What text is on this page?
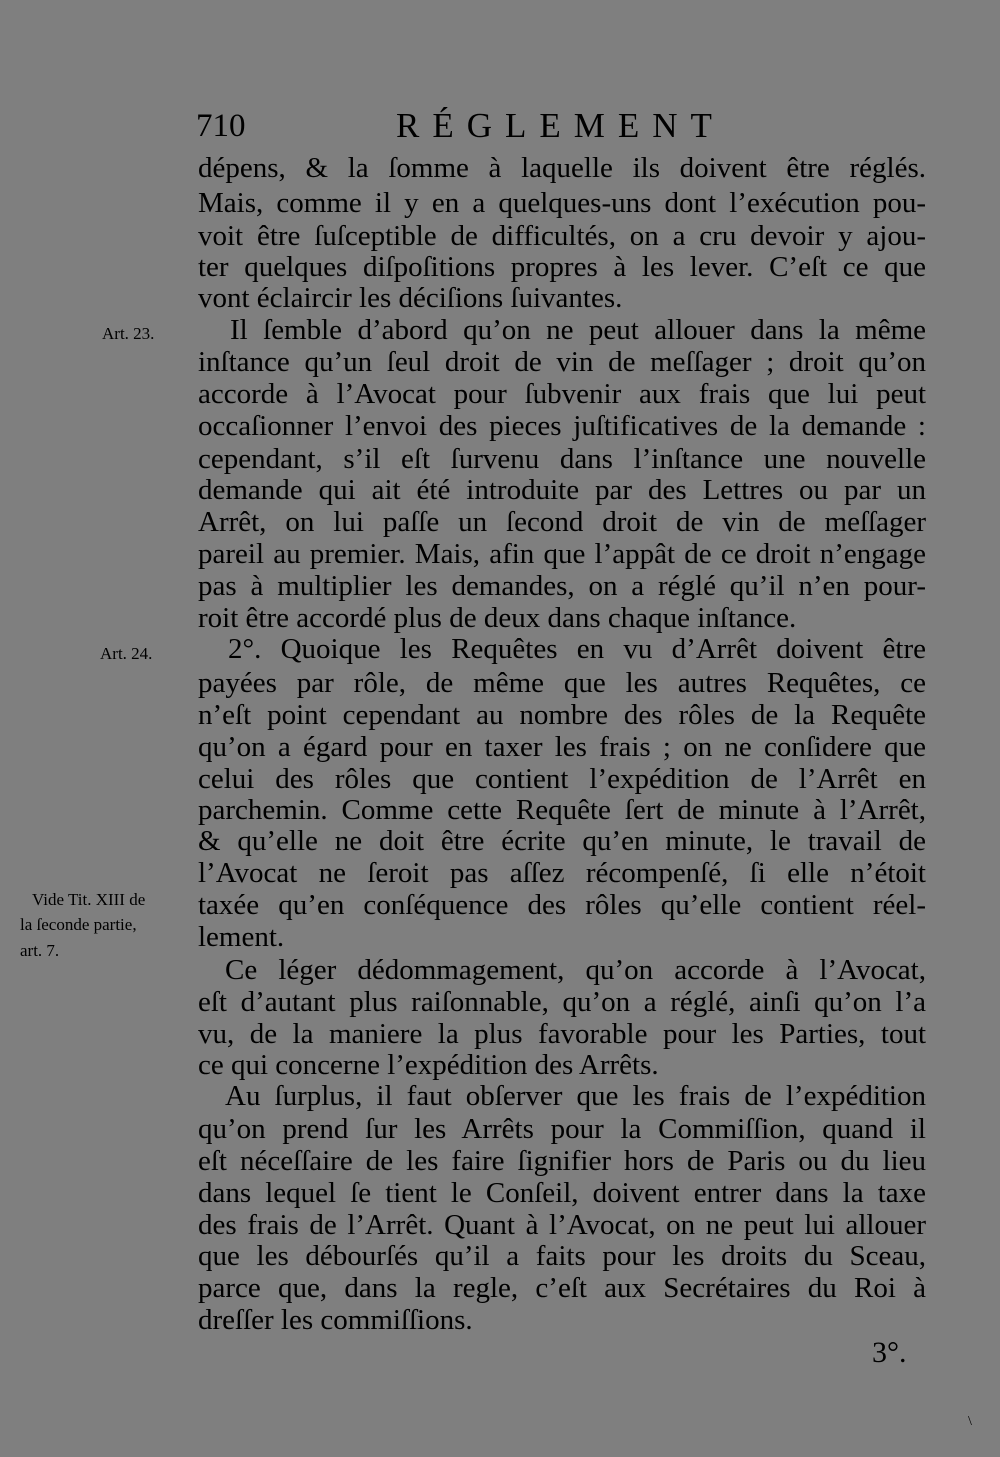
710	RÉGLEMENT
dépens, & la ſomme à laquelle ils doivent être réglés.
Mais, comme il y en a quelques-uns dont l’exécution pou-
voit être ſuſceptible de difficultés, on a cru devoir y ajou-
ter quelques diſpoſitions propres à les lever. C’eſt ce que
vont éclaircir les déciſions ſuivantes.
Il ſemble d’abord qu’on ne peut allouer dans la même
inſtance qu’un ſeul droit de vin de meſſager ; droit qu’on
accorde à l’Avocat pour ſubvenir aux frais que lui peut
occaſionner l’envoi des pieces juſtificatives de la demande :
cependant, s’il eſt ſurvenu dans l’inſtance une nouvelle
demande qui ait été introduite par des Lettres ou par un
Arrêt, on lui paſſe un ſecond droit de vin de meſſager
pareil au premier. Mais, afin que l’appât de ce droit n’engage
pas à multiplier les demandes, on a réglé qu’il n’en pour-
roit être accordé plus de deux dans chaque inſtance.
2°. Quoique les Requêtes en vu d’Arrêt doivent être
payées par rôle, de même que les autres Requêtes, ce
n’eſt point cependant au nombre des rôles de la Requête
qu’on a égard pour en taxer les frais ; on ne conſidere que
celui des rôles que contient l’expédition de l’Arrêt en
parchemin. Comme cette Requête ſert de minute à l’Arrêt,
& qu’elle ne doit être écrite qu’en minute, le travail de
l’Avocat ne ſeroit pas aſſez récompenſé, ſi elle n’étoit
taxée qu’en conſéquence des rôles qu’elle contient réel-
lement.
Ce léger dédommagement, qu’on accorde à l’Avocat,
eſt d’autant plus raiſonnable, qu’on a réglé, ainſi qu’on l’a
vu, de la maniere la plus favorable pour les Parties, tout
ce qui concerne l’expédition des Arrêts.
Au ſurplus, il faut obſerver que les frais de l’expédition
qu’on prend ſur les Arrêts pour la Commiſſion, quand il
eſt néceſſaire de les faire ſignifier hors de Paris ou du lieu
dans lequel ſe tient le Conſeil, doivent entrer dans la taxe
des frais de l’Arrêt. Quant à l’Avocat, on ne peut lui allouer
que les débourſés qu’il a faits pour les droits du Sceau,
parce que, dans la regle, c’eſt aux Secrétaires du Roi à
dreſſer les commiſſions.
Art. 23.
Art. 24.
Vide Tit. XIII de
la ſeconde partie,
art. 7.
3°.
\
